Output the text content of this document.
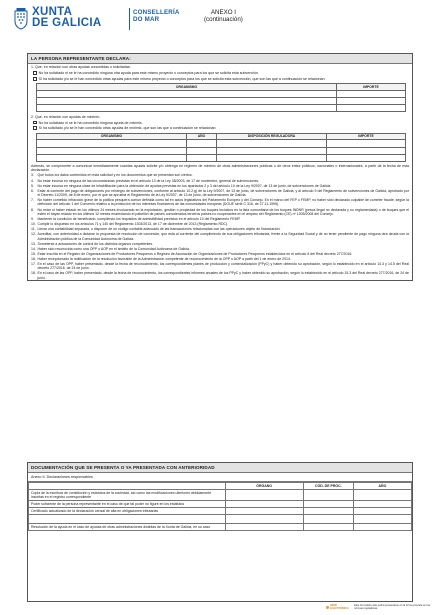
XUNTA
DE GALICIA
CONSELLERÍA
DO MAR
ANEXO I
(continuación)
LA PERSONA REPRESENTANTE DECLARA:
1. Que, en relación con otras ayudas concedidas o solicitadas:
No ha solicitado ni se le ha concedido ninguna otra ayuda para este mismo proyecto o conceptos para los que se solicita esta subvención.
Sí ha solicitado y/o se le han concedido otras ayudas para este mismo proyecto o conceptos para los que se solicita esta subvención, que son las que a continuación se relacionan:
ORGANISMO	IMPORTE

2. Que, en relación con ayudas de minimis:
No ha solicitado ni se le ha concedido ninguna ayuda de minimis.
Sí ha solicitado y/o se le han concedido otras ayudas de minimis, que son las que a continuación se relacionan:
ORGANISMO	AÑO	DISPOSICIÓN REGULADORA	IMPORTE

Además, se compromete a comunicar inmediatamente cuantas ayudas solicite y/o obtenga en régimen de minimis de otras administraciones públicas o de otros entes públicos, nacionales o internacionales, a partir de la fecha de esta declaración.
3.	Que todos los datos contenidos en esta solicitud y en los documentos que se presentan son ciertos.
4.	No estar incursa en ninguna de las circunstancias previstas en el artículo 13 de la Ley 38/2003, de 17 de noviembre, general de subvenciones.
5.	No estar incursa en ninguna clase de inhabilitación para la obtención de ayudas previstas en los apartados 2 y 3 del artículo 10 de la Ley 9/2007, de 13 de junio, de subvenciones de Galicia.
6.	Estar al corriente del pago de obligaciones por reintegro de subvenciones, conforme al artículo 10.2.g) de la Ley 9/2007, de 13 de junio, de subvenciones de Galicia, y al artículo 9 del Reglamento de subvenciones de Galicia, aprobado por el Decreto 11/2009, de 8 de enero, por el que se aprueba el Reglamento de la Ley 9/2007, de 13 de junio, de subvenciones de Galicia.
7.	No haber cometido infracción grave de la política pesquera común definida como tal en actos legislativos del Parlamento Europeo y del Consejo. En el marco del FEP o FEMP, no haber sido declarado culpable de cometer fraude, según la definición del artículo 1 del Convenio relativo a la protección de los intereses financieros de las comunidades europeas (DOUE serie C 316, de 27.11.1995).
8.	No estar ni haber estado en los últimos 24 meses involucrado en la explotación, gestión o propiedad de los buques incluidos en la lista comunitaria de los buques INDNR (pesca ilegal no declarada y no reglamentada) o de buques que el estén el hayan estado en los últimos 12 meses enarbolando el pabellón de países considerados terceros países no cooperantes en el amparo del Reglamento (CE) nº 1005/2008 del Consejo.
9.	Mantener la condición de beneficiario, cumpliendo los requisitos de admisibilidad previstos en el artículo 10 del Reglamento FEMP.
10. Cumplir lo dispuesto en los artículos 71 y 140 del Reglamento 1303/2013, de 17 de diciembre de 2013 (Reglamento RDC).
11. Llevar una contabilidad separada, o disponer de un código contable adecuado de las transacciones relacionadas con las operaciones objeto de financiación.
12. Acreditar, con anterioridad a dictarse la propuesta de resolución de concesión, que está al corriente del cumplimiento de sus obligaciones tributarias, frente a la Seguridad Social y de no tener pendiente de pago ninguna otra deuda con la Administración pública de la Comunidad Autónoma de Galicia.
13. Someterse a actuaciones de control de los distintos órganos competentes.
14. Haber sido reconocida como una OPP o AOP en el ámbito de la Comunidad Autónoma de Galicia.
15. Estar inscrita en el Registro de Organizaciones de Productores Pesqueros o Registro de Asociación de Organizaciones de Productores Pesqueros establecidos en el artículo 8 del Real decreto 277/2016.
16. Haber recepcionado la notificación de la resolución favorable de la Administración competente de reconocimiento de la OPP o AOP a partir del 1 de enero de 2014.
17. En el caso de las OPP, haber presentado, desde la fecha de reconocimiento, los correspondientes planes de producción y comercialización (PPyC) y haber obtenido su aprobación, según lo establecido en el artículo 14.3 y 14.5 del Real decreto 277/2016, de 24 de junio.
18. En el caso de las OPP, haber presentado, desde la fecha de reconocimiento, los correspondientes informes anuales de los PPyC y haber obtenido su aprobación, según lo establecido en el artículo 15.3 del Real decreto 277/2016, de 24 de junio.
DOCUMENTACIÓN QUE SE PRESENTA O YA PRESENTADA CON ANTERIORIDAD
Anexo II. Declaraciones responsables
	ÓRGANO	CÓD. DE PROC.	AÑO
Copia de la escritura de constitución y estatutos de la sociedad, así como las modificaciones ulteriores debidamente inscritas en el registro correspondiente			
Poder suficiente de la persona representante en el caso de que tal poder no figure en los estatutos			
Certificado actualizado de la declaración censal de alta en obligaciones tributarias			

Resolución de la ayuda en el caso de ayudas de otras administraciones distintas de la Xunta de Galicia, en su caso			
SEDE ELECTRÓNICA
Este formulario solo podrá presentarse en la forma prevista en las normas reguladoras
